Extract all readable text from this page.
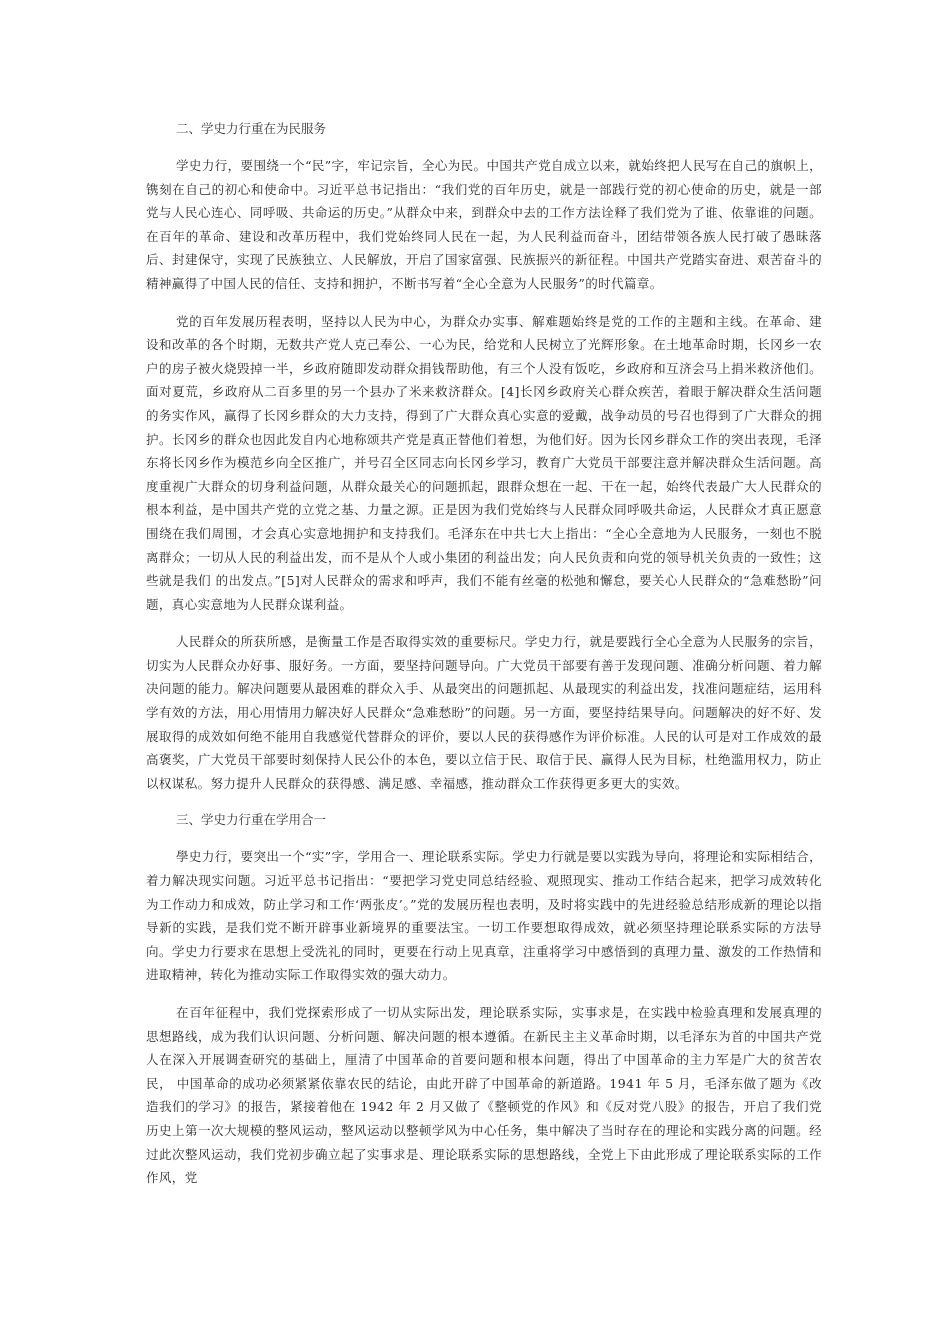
二、学史力行重在为民服务
学史力行，要围绕一个“民”字，牢记宗旨，全心为民。中国共产党自成立以来，就始终把人民写在自己的旗帜上，镌刻在自己的初心和使命中。习近平总书记指出：“我们党的百年历史，就是一部践行党的初心使命的历史，就是一部党与人民心连心、同呼吸、共命运的历史。”从群众中来，到群众中去的工作方法诠释了我们党为了谁、依靠谁的问题。在百年的革命、建设和改革历程中，我们党始终同人民在一起，为人民利益而奋斗，团结带领各族人民打破了愚昧落后、封建保守，实现了民族独立、人民解放，开启了国家富强、民族振兴的新征程。中国共产党踏实奋进、艰苦奋斗的精神赢得了中国人民的信任、支持和拥护，不断书写着“全心全意为人民服务”的时代篇章。
党的百年发展历程表明，坚持以人民为中心，为群众办实事、解难题始终是党的工作的主题和主线。在革命、建 设和改革的各个时期，无数共产党人克己奉公、一心为民，给党和人民树立了光辉形象。在土地革命时期，长冈乡一农户的房子被火烧毁掉一半，乡政府随即发动群众捐钱帮助他，有三个人没有饭吃，乡政府和互济会马上捐米救济他们。面对夏荒，乡政府从二百多里的另一个县办了米来救济群众。[4]长冈乡政府关心群众疾苦，着眼于解决群众生活问题的务实作风，赢得了长冈乡群众的大力支持，得到了广大群众真心实意的爱戴，战争动员的号召也得到了广大群众的拥护。长冈乡的群众也因此发自内心地称颂共产党是真正替他们着想，为他们好。因为长冈乡群众工作的突出表现，毛泽东将长冈乡作为模范乡向全区推广，并号召全区同志向长冈乡学习，教育广大党员干部要注意并解决群众生活问题。高度重视广大群众的切身利益问题，从群众最关心的问题抓起，跟群众想在一起、干在一起，始终代表最广大人民群众的根本利益，是中国共产党的立党之基、力量之源。正是因为我们党始终与人民群众同呼吸共命运，人民群众才真正愿意围绕在我们周围，才会真心实意地拥护和支持我们。毛泽东在中共七大上指出：“全心全意地为人民服务，一刻也不脱离群众；一切从人民的利益出发，而不是从个人或小集团的利益出发；向人民负责和向党的领导机关负责的一致性；这些就是我们 的出发点。”[5]对人民群众的需求和呼声，我们不能有丝毫的松弛和懈怠，要关心人民群众的“急难愁盼”问题，真心实意地为人民群众谋利益。
人民群众的所获所感，是衡量工作是否取得实效的重要标尺。学史力行，就是要践行全心全意为人民服务的宗旨， 切实为人民群众办好事、服好务。一方面，要坚持问题导向。广大党员干部要有善于发现问题、准确分析问题、着力解决问题的能力。解决问题要从最困难的群众入手、从最突出的问题抓起、从最现实的利益出发，找准问题症结，运用科学有效的方法，用心用情用力解决好人民群众“急难愁盼”的问题。另一方面，要坚持结果导向。问题解决的好不好、发 展取得的成效如何绝不能用自我感觉代替群众的评价，要以人民的获得感作为评价标准。人民的认可是对工作成效的最高褒奖，广大党员干部要时刻保持人民公仆的本色，要以立信于民、取信于民、赢得人民为目标，杜绝滥用权力，防止以权谋私。努力提升人民群众的获得感、满足感、幸福感，推动群众工作获得更多更大的实效。
三、学史力行重在学用合一
學史力行，要突出一个“实”字，学用合一、理论联系实际。学史力行就是要以实践为导向，将理论和实际相结合，着力解决现实问题。习近平总书记指出：“要把学习党史同总结经验、观照现实、推动工作结合起来，把学习成效转化为工作动力和成效，防止学习和工作‘两张皮’。”党的发展历程也表明，及时将实践中的先进经验总结形成新的理论以指导新的实践，是我们党不断开辟事业新境界的重要法宝。一切工作要想取得成效，就必须坚持理论联系实际的方法导向。学史力行要求在思想上受洗礼的同时，更要在行动上见真章，注重将学习中感悟到的真理力量、激发的工作热情和进取精神，转化为推动实际工作取得实效的强大动力。
在百年征程中，我们党探索形成了一切从实际出发，理论联系实际，实事求是，在实践中检验真理和发展真理的 思想路线，成为我们认识问题、分析问题、解决问题的根本遵循。在新民主主义革命时期，以毛泽东为首的中国共产党人在深入开展调查研究的基础上，厘清了中国革命的首要问题和根本问题，得出了中国革命的主力军是广大的贫苦农民， 中国革命的成功必须紧紧依靠农民的结论，由此开辟了中国革命的新道路。1941 年 5 月，毛泽东做了题为《改造我们的学习》的报告，紧接着他在 1942 年 2 月又做了《整顿党的作风》和《反对党八股》的报告，开启了我们党历史上第一次大规模的整风运动，整风运动以整顿学风为中心任务，集中解决了当时存在的理论和实践分离的问题。经过此次整风运动，我们党初步确立起了实事求是、理论联系实际的思想路线，全党上下由此形成了理论联系实际的工作作风，党
